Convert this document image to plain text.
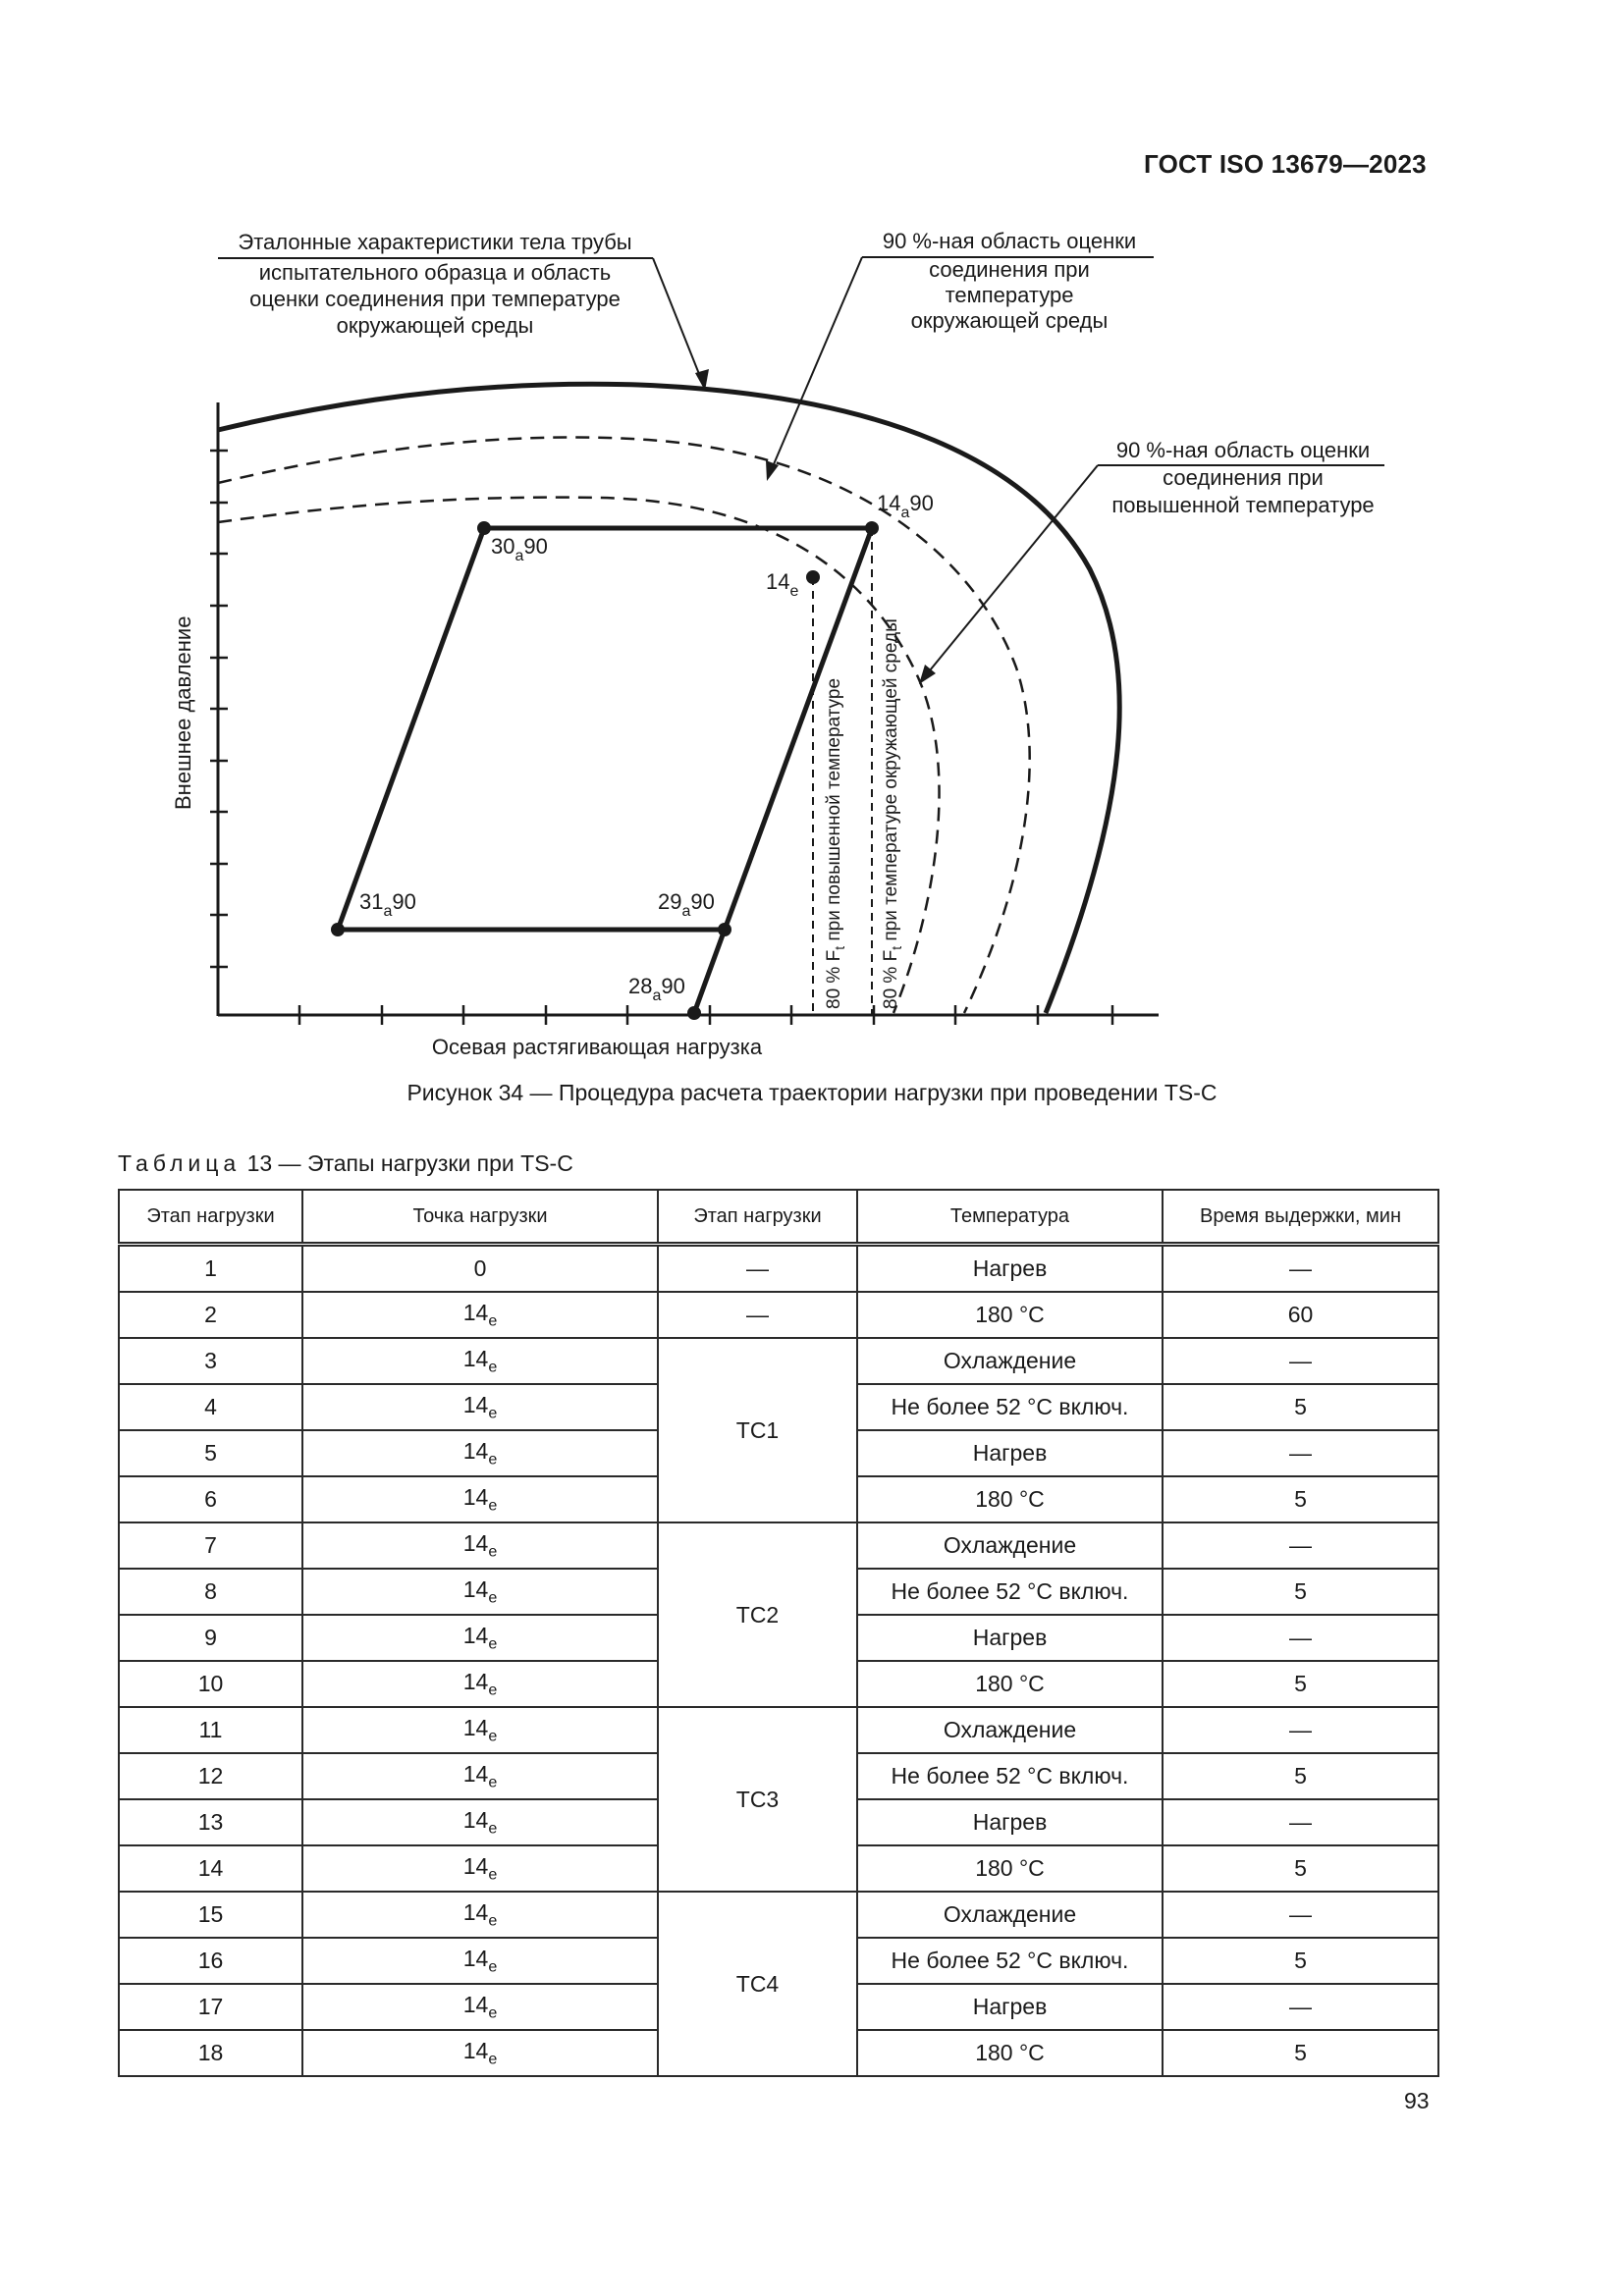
ГОСТ ISO 13679—2023
$14_a90$
$30_a90$
$14_e$
$31_a90$	$29_a90$
$28_a90$	80 % $F_t$ при повышенной температуре
80 % $F_t$ при температуре окружающей среды
Внешнее давление
Осевая растягивающая нагрузка
Эталонные характеристики тела трубы
испытательного образца и область
оценки соединения при температуре
окружающей среды
90 %-ная область оценки
соединения при
температуре
окружающей среды
90 %-ная область оценки
соединения при
повышенной температуре
Рисунок 34 — Процедура расчета траектории нагрузки при проведении TS-C
Таблица 13 — Этапы нагрузки при TS-C
Этап нагрузки	Точка нагрузки	Этап нагрузки	Температура	Время выдержки, мин
1	0	—	Нагрев	—
2	$14_e$	—	180 °C	60
3	$14_e$	TC1	Охлаждение	—
4	$14_e$		Не более 52 °C включ.	5
5	$14_e$		Нагрев	—
6	$14_e$		180 °C	5
7	$14_e$	TC2	Охлаждение	—
8	$14_e$		Не более 52 °C включ.	5
9	$14_e$		Нагрев	—
10	$14_e$		180 °C	5
11	$14_e$	TC3	Охлаждение	—
12	$14_e$		Не более 52 °C включ.	5
13	$14_e$		Нагрев	—
14	$14_e$		180 °C	5
15	$14_e$	TC4	Охлаждение	—
16	$14_e$		Не более 52 °C включ.	5
17	$14_e$		Нагрев	—
18	$14_e$		180 °C	5
93
